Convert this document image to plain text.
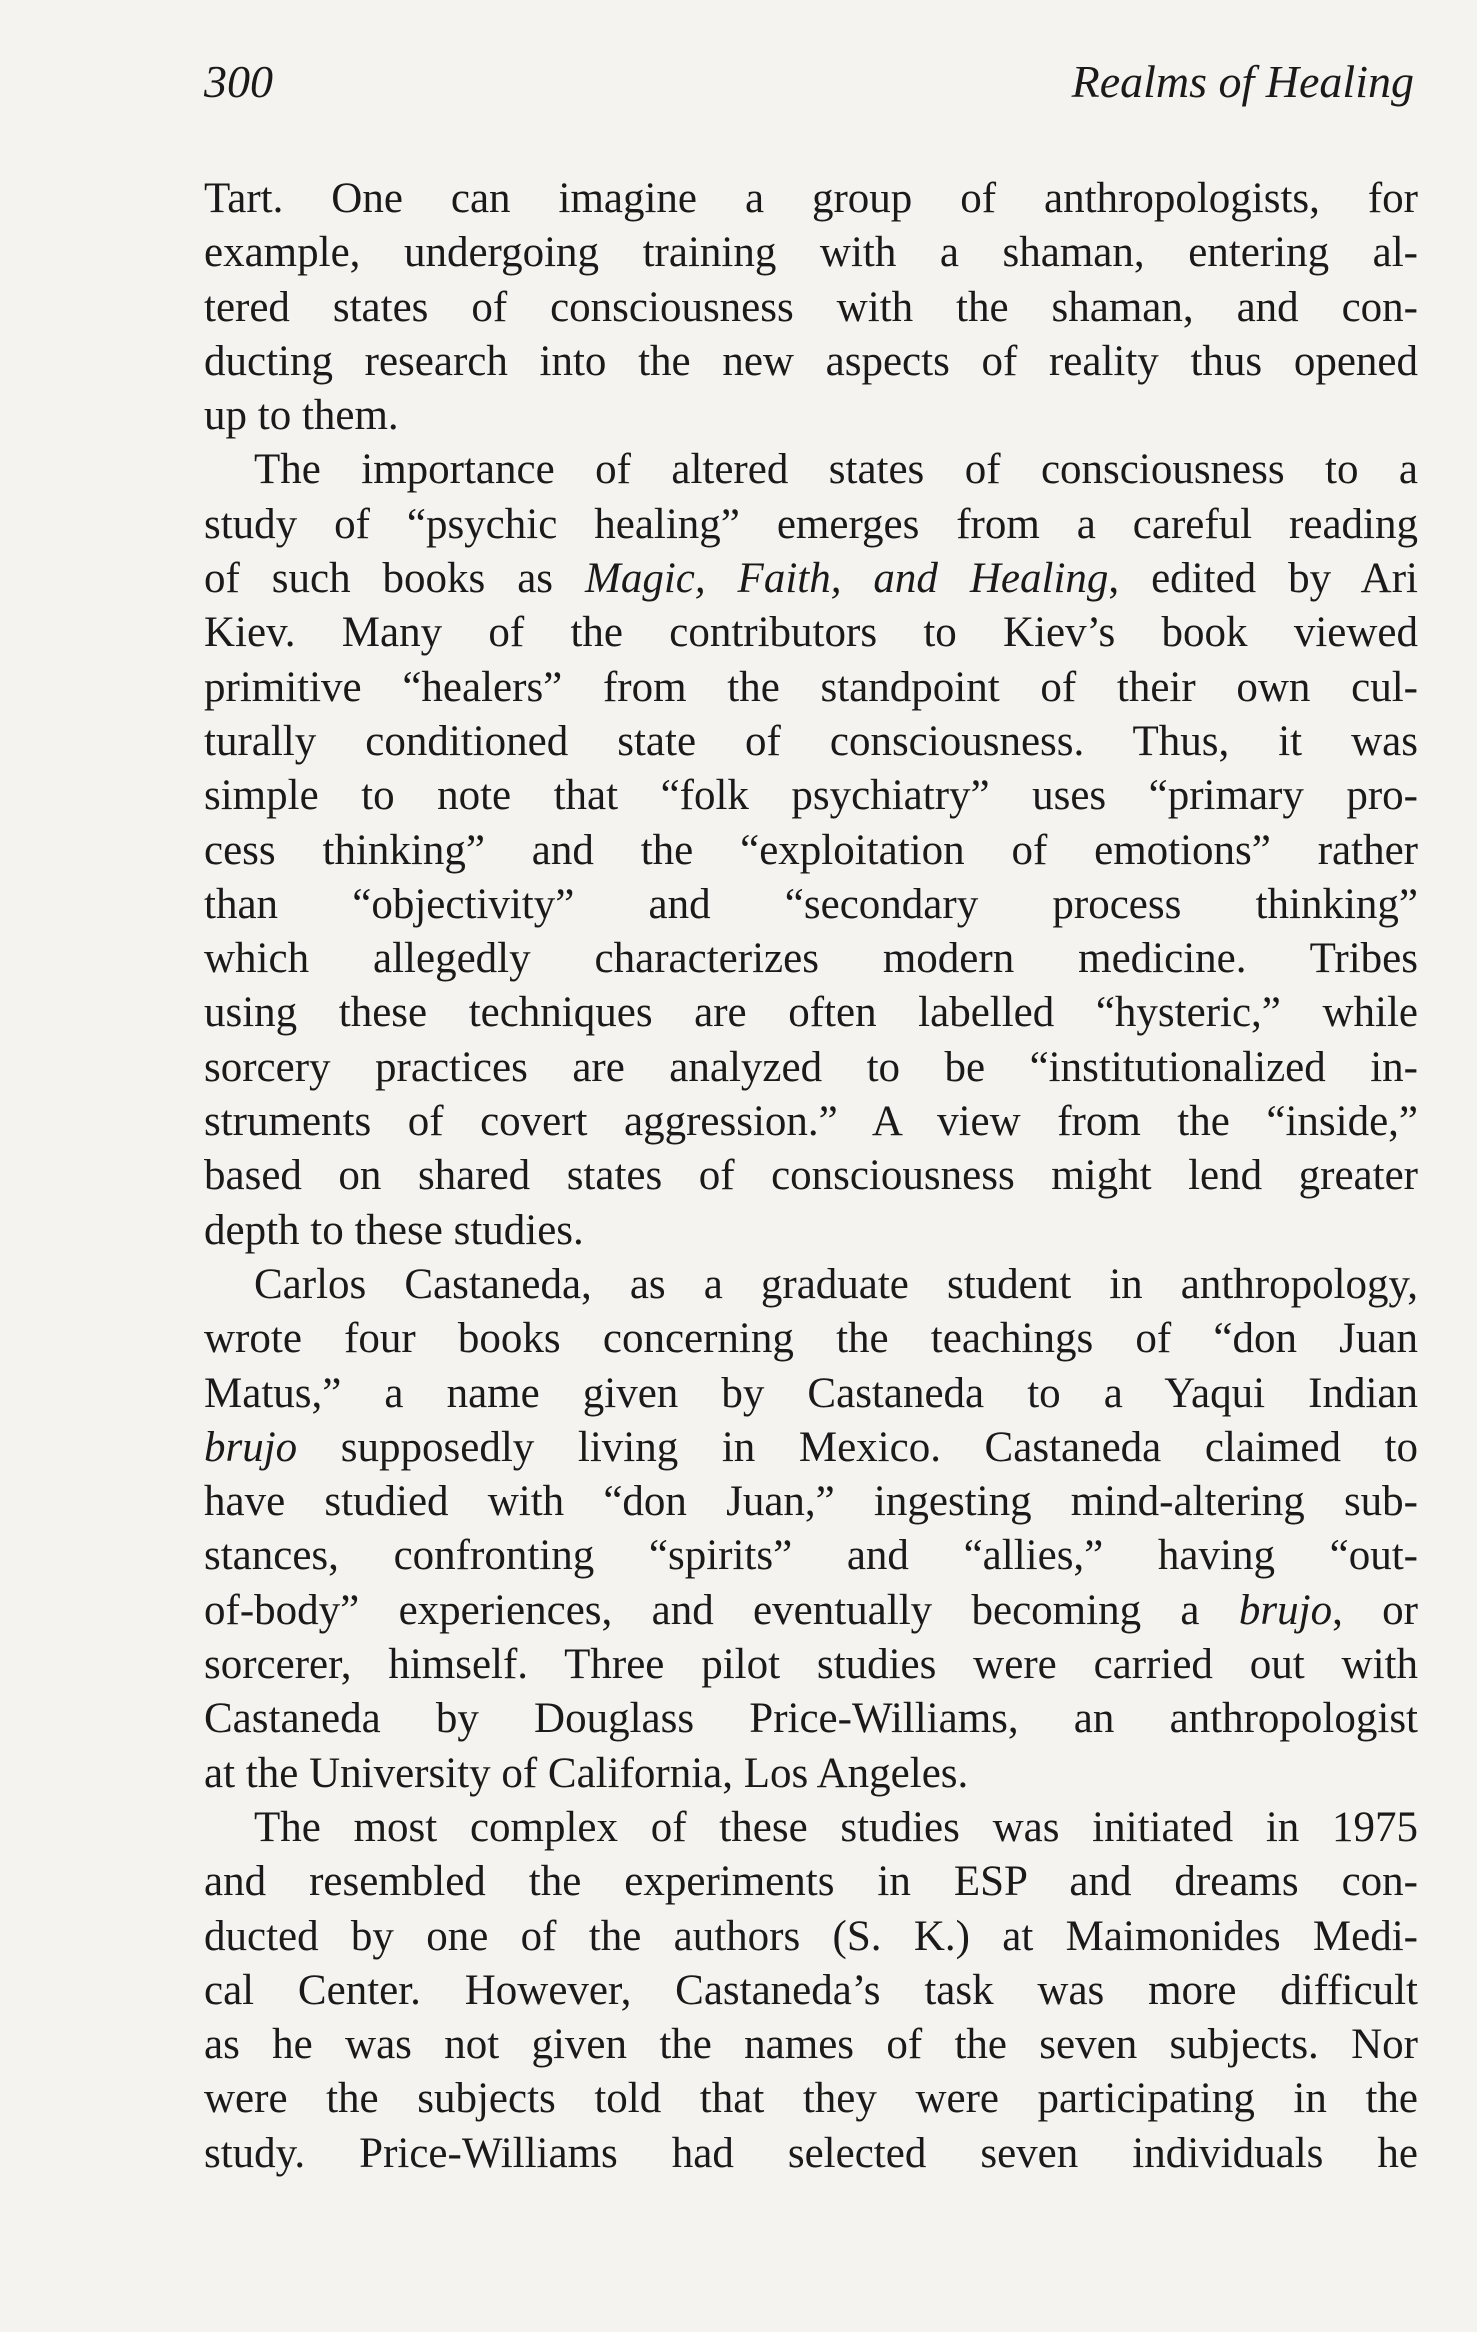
300	Realms of Healing
Tart. One can imagine a group of anthropologists, for
example, undergoing training with a shaman, entering al-
tered states of consciousness with the shaman, and con-
ducting research into the new aspects of reality thus opened
up to them.
The importance of altered states of consciousness to a
study of “psychic healing” emerges from a careful reading
of such books as Magic, Faith, and Healing, edited by Ari
Kiev. Many of the contributors to Kiev’s book viewed
primitive “healers” from the standpoint of their own cul-
turally conditioned state of consciousness. Thus, it was
simple to note that “folk psychiatry” uses “primary pro-
cess thinking” and the “exploitation of emotions” rather
than “objectivity” and “secondary process thinking”
which allegedly characterizes modern medicine. Tribes
using these techniques are often labelled “hysteric,” while
sorcery practices are analyzed to be “institutionalized in-
struments of covert aggression.” A view from the “inside,”
based on shared states of consciousness might lend greater
depth to these studies.
Carlos Castaneda, as a graduate student in anthropology,
wrote four books concerning the teachings of “don Juan
Matus,” a name given by Castaneda to a Yaqui Indian
brujo supposedly living in Mexico. Castaneda claimed to
have studied with “don Juan,” ingesting mind-altering sub-
stances, confronting “spirits” and “allies,” having “out-
of-body” experiences, and eventually becoming a brujo, or
sorcerer, himself. Three pilot studies were carried out with
Castaneda by Douglass Price-Williams, an anthropologist
at the University of California, Los Angeles.
The most complex of these studies was initiated in 1975
and resembled the experiments in ESP and dreams con-
ducted by one of the authors (S. K.) at Maimonides Medi-
cal Center. However, Castaneda’s task was more difficult
as he was not given the names of the seven subjects. Nor
were the subjects told that they were participating in the
study. Price-Williams had selected seven individuals he
